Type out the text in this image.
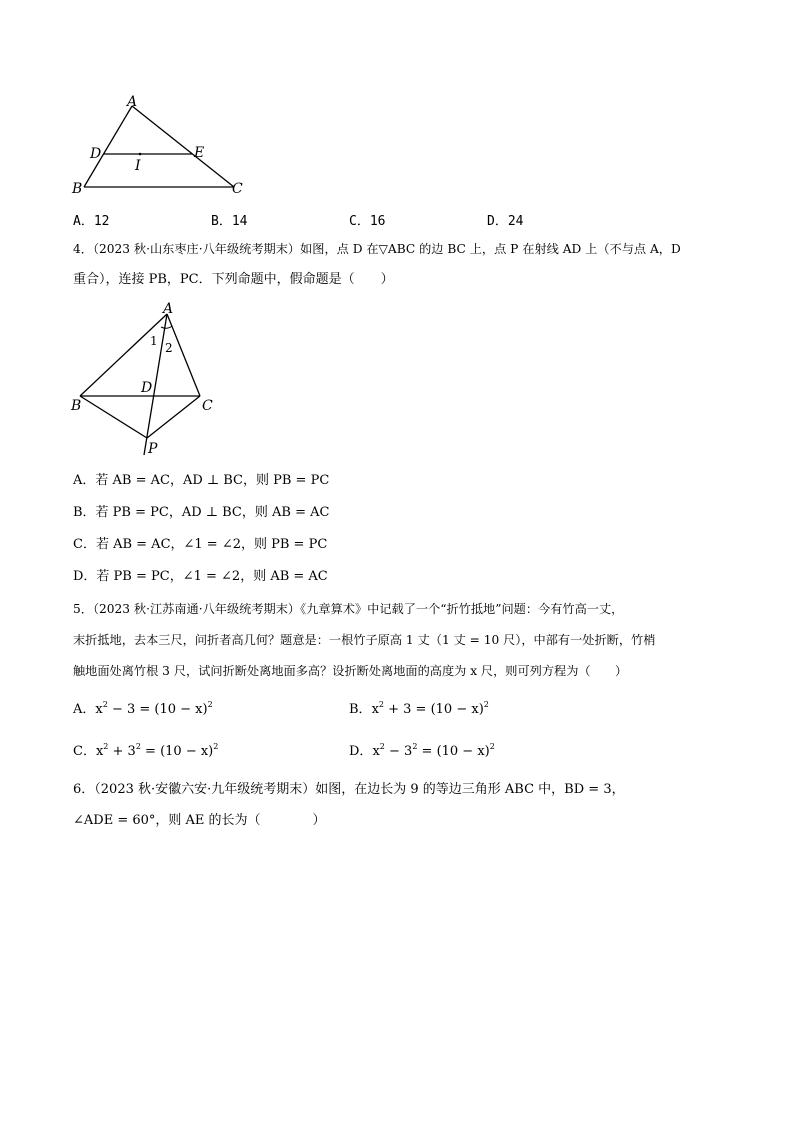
A
D	E
I
B	C
A．12	B．14	C．16	D．24
4．（2023 秋·山东枣庄·八年级统考期末）如图，点 D 在▽ABC 的边 BC 上，点 P 在射线 AD 上（不与点 A，D
重合），连接 PB，PC．下列命题中，假命题是（　　）
A
1 2
D
B	C
P
A．若 AB = AC，AD ⊥ BC，则 PB = PC
B．若 PB = PC，AD ⊥ BC，则 AB = AC
C．若 AB = AC，∠1 = ∠2，则 PB = PC
D．若 PB = PC，∠1 = ∠2，则 AB = AC
5．（2023 秋·江苏南通·八年级统考期末）《九章算术》中记载了一个“折竹抵地”问题：今有竹高一丈，
末折抵地，去本三尺，问折者高几何？题意是：一根竹子原高 1 丈（1 丈 = 10 尺），中部有一处折断，竹梢
触地面处离竹根 3 尺，试问折断处离地面多高？设折断处离地面的高度为 x 尺，则可列方程为（　　）
A．$x^2 - 3 = (10 - x)^2$	B．$x^2 + 3 = (10 - x)^2$
C．$x^2 + 3^2 = (10 - x)^2$	D．$x^2 - 3^2 = (10 - x)^2$
6．（2023 秋·安徽六安·九年级统考期末）如图，在边长为 9 的等边三角形 ABC 中，BD = 3，
∠ADE = 60°，则 AE 的长为（　　　　）
